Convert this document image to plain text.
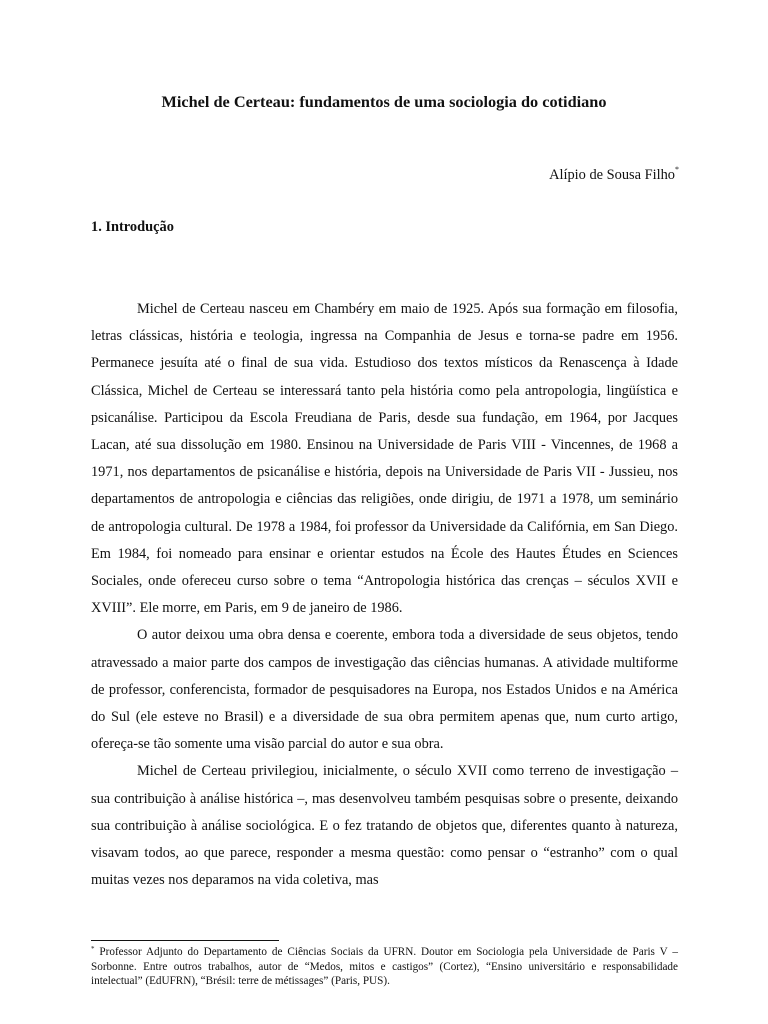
Michel de Certeau: fundamentos de uma sociologia do cotidiano

Alípio de Sousa Filho*

1. Introdução

Michel de Certeau nasceu em Chambéry em maio de 1925. Após sua formação em filosofia, letras clássicas, história e teologia, ingressa na Companhia de Jesus e torna-se padre em 1956. Permanece jesuíta até o final de sua vida. Estudioso dos textos místicos da Renascença à Idade Clássica, Michel de Certeau se interessará tanto pela história como pela antropologia, lingüística e psicanálise. Participou da Escola Freudiana de Paris, desde sua fundação, em 1964, por Jacques Lacan, até sua dissolução em 1980. Ensinou na Universidade de Paris VIII - Vincennes, de 1968 a 1971, nos departamentos de psicanálise e história, depois na Universidade de Paris VII - Jussieu, nos departamentos de antropologia e ciências das religiões, onde dirigiu, de 1971 a 1978, um seminário de antropologia cultural. De 1978 a 1984, foi professor da Universidade da Califórnia, em San Diego. Em 1984, foi nomeado para ensinar e orientar estudos na École des Hautes Études en Sciences Sociales, onde ofereceu curso sobre o tema “Antropologia histórica das crenças – séculos XVII e XVIII”. Ele morre, em Paris, em 9 de janeiro de 1986.

O autor deixou uma obra densa e coerente, embora toda a diversidade de seus objetos, tendo atravessado a maior parte dos campos de investigação das ciências humanas. A atividade multiforme de professor, conferencista, formador de pesquisadores na Europa, nos Estados Unidos e na América do Sul (ele esteve no Brasil) e a diversidade de sua obra permitem apenas que, num curto artigo, ofereça-se tão somente uma visão parcial do autor e sua obra.

Michel de Certeau privilegiou, inicialmente, o século XVII como terreno de investigação – sua contribuição à análise histórica –, mas desenvolveu também pesquisas sobre o presente, deixando sua contribuição à análise sociológica. E o fez tratando de objetos que, diferentes quanto à natureza, visavam todos, ao que parece, responder a mesma questão: como pensar o “estranho” com o qual muitas vezes nos deparamos na vida coletiva, mas

* Professor Adjunto do Departamento de Ciências Sociais da UFRN. Doutor em Sociologia pela Universidade de Paris V – Sorbonne. Entre outros trabalhos, autor de “Medos, mitos e castigos” (Cortez), “Ensino universitário e responsabilidade intelectual” (EdUFRN), “Brésil: terre de métissages” (Paris, PUS).
